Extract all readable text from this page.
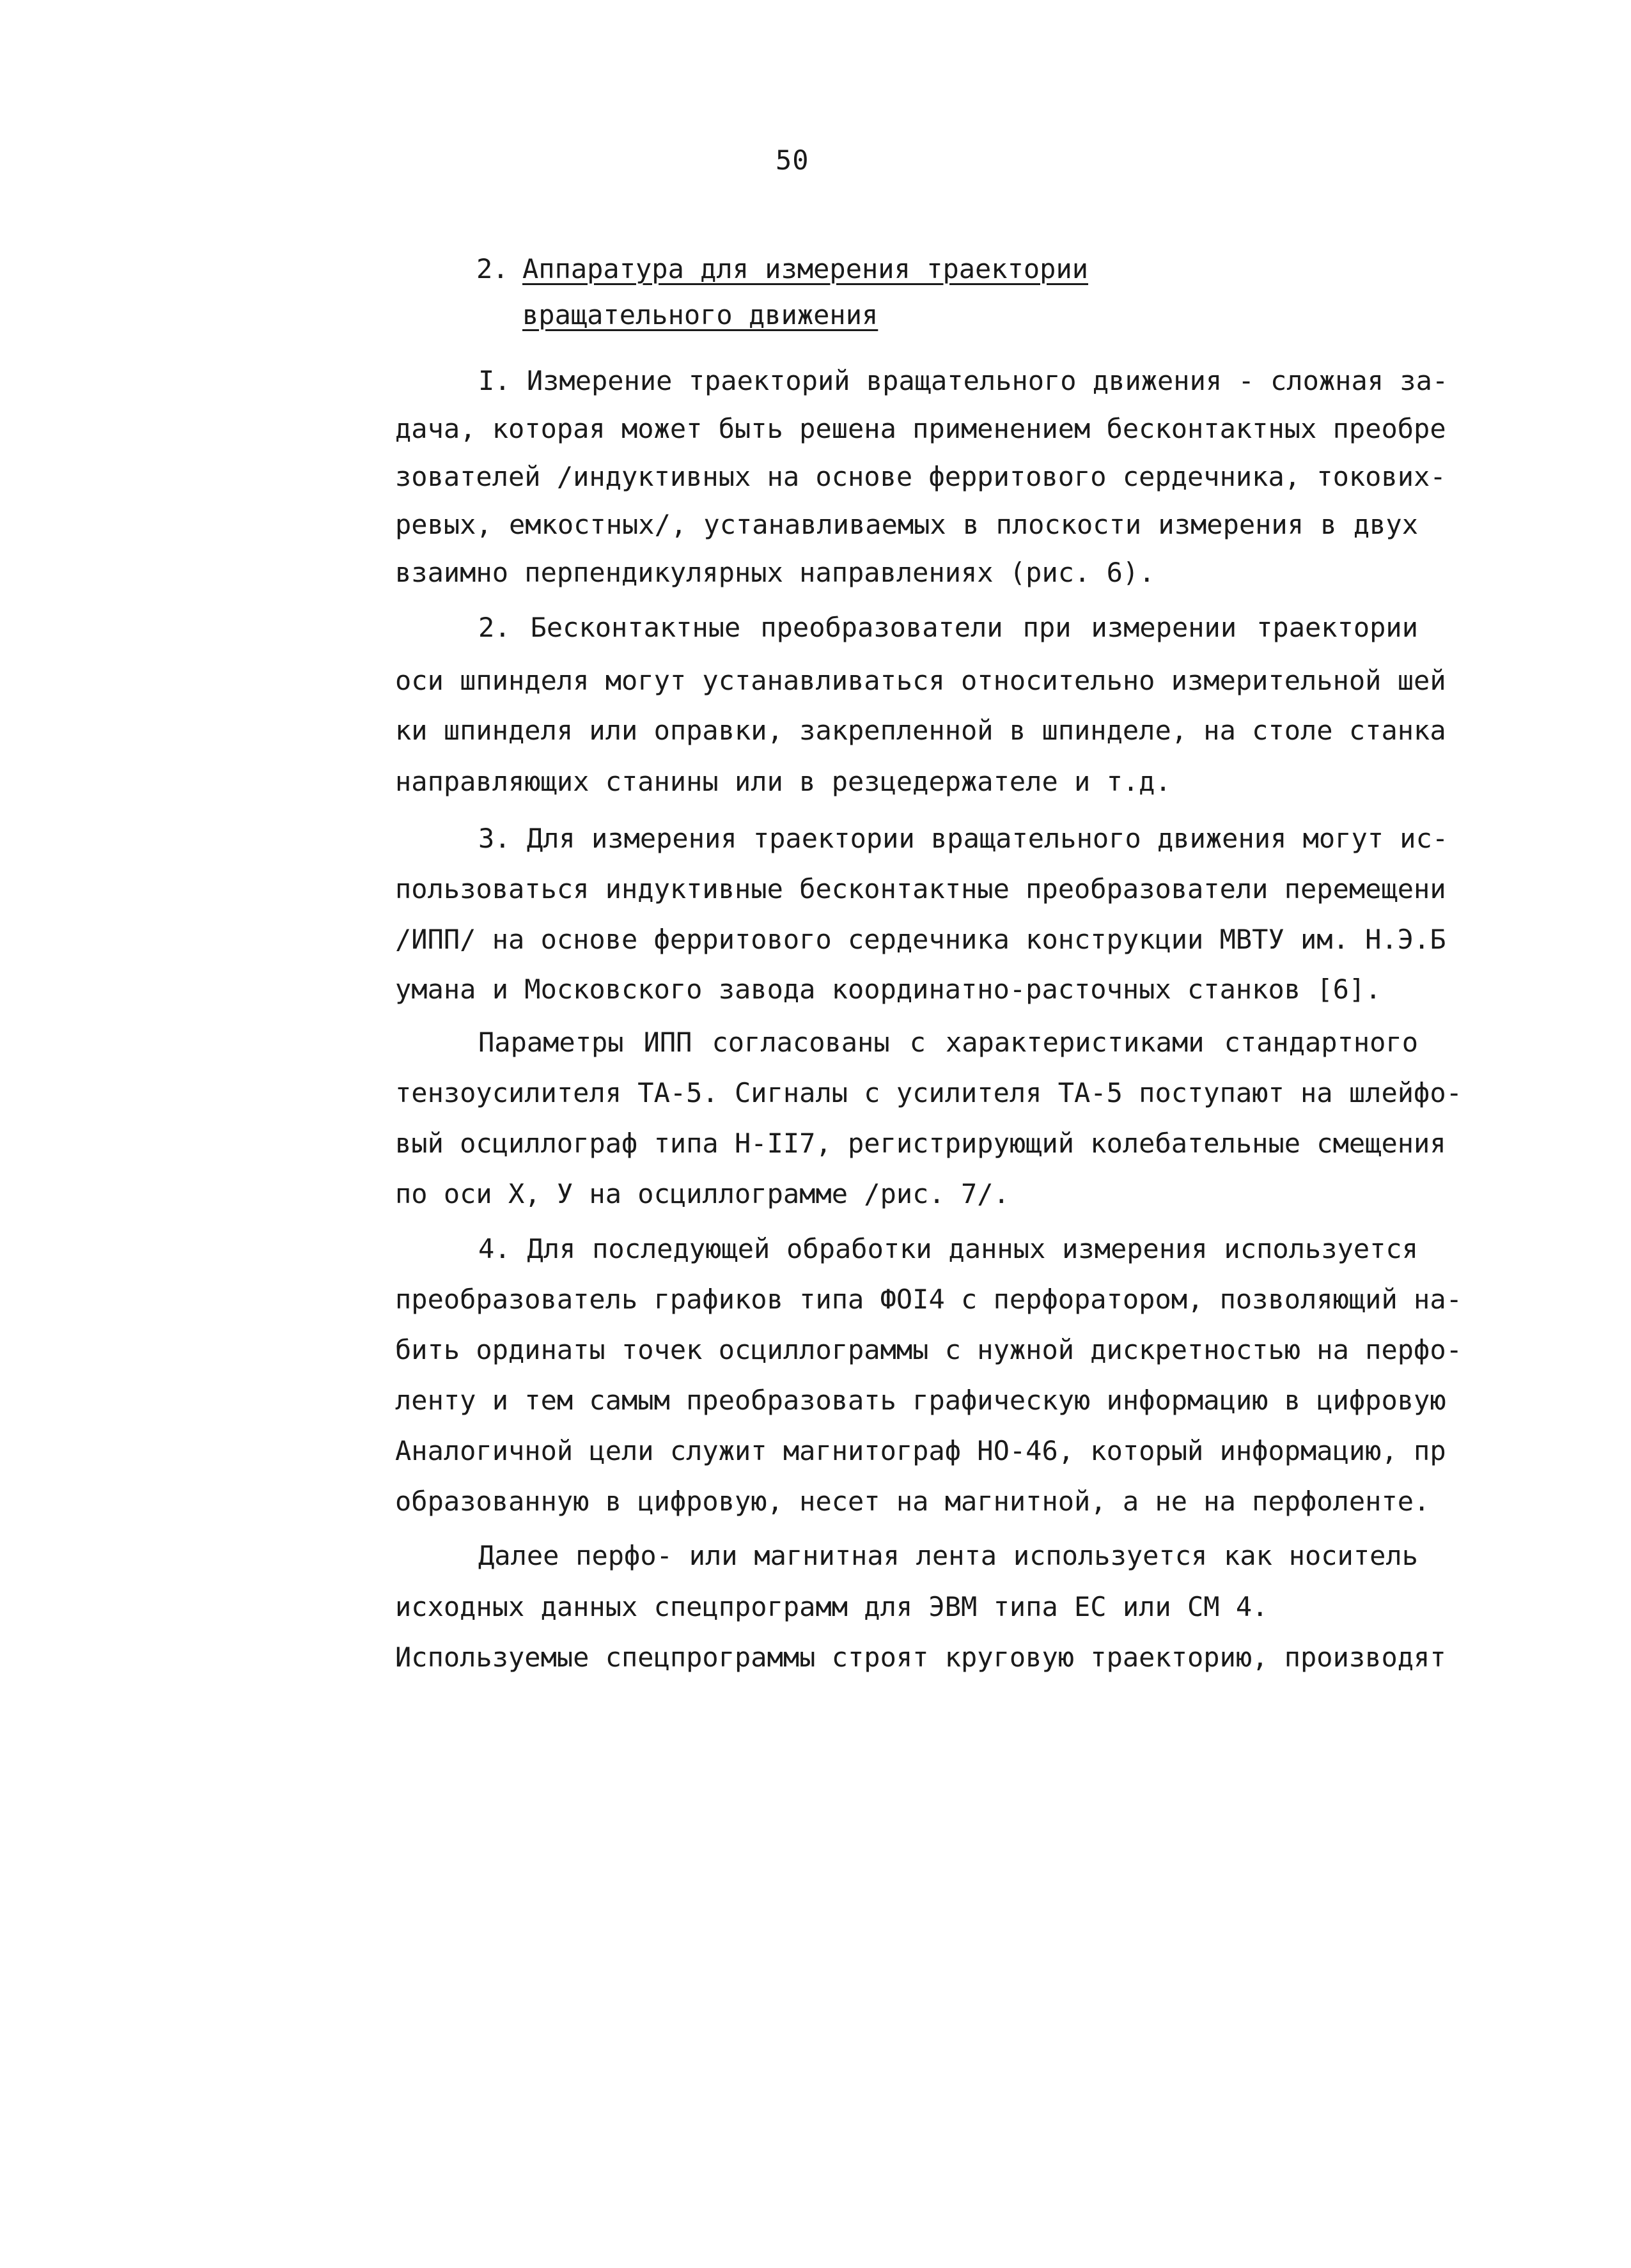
50
2. Аппаратура для измерения траектории
вращательного движения
I. Измерение траекторий вращательного движения - сложная за-
дача, которая может быть решена применением бесконтактных преобре
зователей /индуктивных на основе ферритового сердечника, токових-
ревых, емкостных/, устанавливаемых в плоскости измерения в двух
взаимно перпендикулярных направлениях (рис. 6).
2. Бесконтактные преобразователи при измерении траектории
оси шпинделя могут устанавливаться относительно измерительной шей
ки шпинделя или оправки, закрепленной в шпинделе, на столе станка
направляющих станины или в резцедержателе и т.д.
3. Для измерения траектории вращательного движения могут ис-
пользоваться индуктивные бесконтактные преобразователи перемещени
/ИПП/ на основе ферритового сердечника конструкции МВТУ им. Н.Э.Б
умана и Московского завода координатно-расточных станков [6].
Параметры ИПП согласованы с характеристиками стандартного
тензоусилителя ТА-5. Сигналы с усилителя ТА-5 поступают на шлейфо-
вый осциллограф типа Н-II7, регистрирующий колебательные смещения
по оси X, У на осциллограмме /рис. 7/.
4. Для последующей обработки данных измерения используется
преобразователь графиков типа ФОI4 с перфоратором, позволяющий на-
бить ординаты точек осциллограммы с нужной дискретностью на перфо-
ленту и тем самым преобразовать графическую информацию в цифровую
Аналогичной цели служит магнитограф НО-46, который информацию, пр
образованную в цифровую, несет на магнитной, а не на перфоленте.
Далее перфо- или магнитная лента используется как носитель
исходных данных спецпрограмм для ЭВМ типа ЕС или СМ 4.
Используемые спецпрограммы строят круговую траекторию, производят
